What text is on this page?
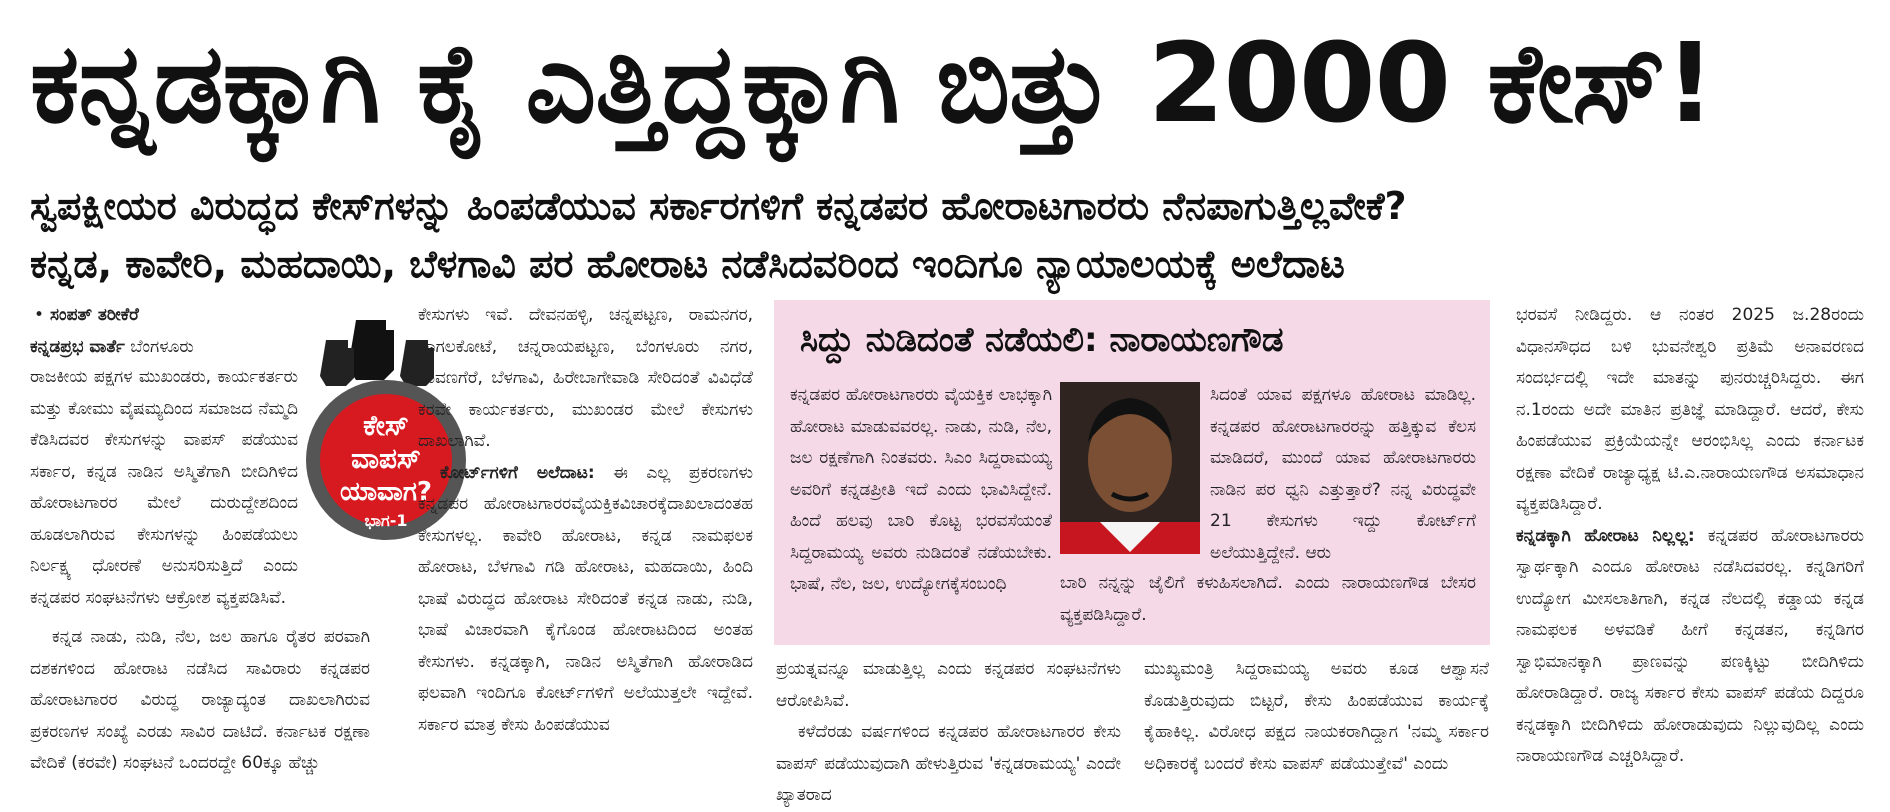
ಕನ್ನಡಕ್ಕಾಗಿ ಕೈ ಎತ್ತಿದ್ದಕ್ಕಾಗಿ ಬಿತ್ತು 2000 ಕೇಸ್!
ಸ್ವಪಕ್ಷೀಯರ ವಿರುದ್ಧದ ಕೇಸ್‌ಗಳನ್ನು ಹಿಂಪಡೆಯುವ ಸರ್ಕಾರಗಳಿಗೆ ಕನ್ನಡಪರ ಹೋರಾಟಗಾರರು ನೆನಪಾಗುತ್ತಿಲ್ಲವೇಕೆ?
ಕನ್ನಡ, ಕಾವೇರಿ, ಮಹದಾಯಿ, ಬೆಳಗಾವಿ ಪರ ಹೋರಾಟ ನಡೆಸಿದವರಿಂದ ಇಂದಿಗೂ ನ್ಯಾಯಾಲಯಕ್ಕೆ ಅಲೆದಾಟ

• ಸಂಪತ್ ತರೀಕೆರೆ

ಕನ್ನಡಪ್ರಭ ವಾರ್ತೆ ಬೆಂಗಳೂರು

ರಾಜಕೀಯ ಪಕ್ಷಗಳ ಮುಖಂಡರು, ಕಾರ್ಯಕರ್ತರು ಮತ್ತು ಕೋಮು ವೈಷಮ್ಯದಿಂದ ಸಮಾಜದ ನೆಮ್ಮದಿ ಕೆಡಿಸಿದವರ ಕೇಸುಗಳನ್ನು ವಾಪಸ್ ಪಡೆಯುವ ಸರ್ಕಾರ, ಕನ್ನಡ ನಾಡಿನ ಅಸ್ಮಿತೆಗಾಗಿ ಬೀದಿಗಿಳಿದ ಹೋರಾಟಗಾರರ ಮೇಲೆ ದುರುದ್ದೇಶದಿಂದ ಹೂಡಲಾಗಿರುವ ಕೇಸುಗಳನ್ನು ಹಿಂಪಡೆಯಲು ನಿರ್ಲಕ್ಷ್ಯ ಧೋರಣೆ ಅನುಸರಿಸುತ್ತಿದೆ ಎಂದು ಕನ್ನಡಪರ ಸಂಘಟನೆಗಳು ಆಕ್ರೋಶ ವ್ಯಕ್ತಪಡಿಸಿವೆ.

ಕನ್ನಡ ನಾಡು, ನುಡಿ, ನೆಲ, ಜಲ ಹಾಗೂ ರೈತರ ಪರವಾಗಿ ದಶಕಗಳಿಂದ ಹೋರಾಟ ನಡೆಸಿದ ಸಾವಿರಾರು ಕನ್ನಡಪರ ಹೋರಾಟಗಾರರ ವಿರುದ್ಧ ರಾಜ್ಯಾದ್ಯಂತ ದಾಖಲಾಗಿರುವ ಪ್ರಕರಣಗಳ ಸಂಖ್ಯೆ ಎರಡು ಸಾವಿರ ದಾಟಿದೆ. ಕರ್ನಾಟಕ ರಕ್ಷಣಾ ವೇದಿಕೆ (ಕರವೇ) ಸಂಘಟನೆ ಒಂದರದ್ದೇ 60ಕ್ಕೂ ಹೆಚ್ಚು

ಕೇಸ್
ವಾಪಸ್
ಯಾವಾಗ?
ಭಾಗ-1

ಕೇಸುಗಳು ಇವೆ. ದೇವನಹಳ್ಳಿ, ಚನ್ನಪಟ್ಟಣ, ರಾಮನಗರ, ಬಾಗಲಕೋಟೆ, ಚನ್ನರಾಯಪಟ್ಟಣ, ಬೆಂಗಳೂರು ನಗರ, ದಾವಣಗೆರೆ, ಬೆಳಗಾವಿ, ಹಿರೇಬಾಗೇವಾಡಿ ಸೇರಿದಂತೆ ವಿವಿಧೆಡೆ ಕರವೇ ಕಾರ್ಯಕರ್ತರು, ಮುಖಂಡರ ಮೇಲೆ ಕೇಸುಗಳು ದಾಖಲಾಗಿವೆ.

ಕೋರ್ಟ್‌ಗಳಿಗೆ ಅಲೆದಾಟ: ಈ ಎಲ್ಲ ಪ್ರಕರಣಗಳು ಕನ್ನಡಪರ ಹೋರಾಟಗಾರರವೈಯಕ್ತಿಕವಿಚಾರಕ್ಕೆದಾಖಲಾದಂತಹ ಕೇಸುಗಳಲ್ಲ. ಕಾವೇರಿ ಹೋರಾಟ, ಕನ್ನಡ ನಾಮಫಲಕ ಹೋರಾಟ, ಬೆಳಗಾವಿ ಗಡಿ ಹೋರಾಟ, ಮಹದಾಯಿ, ಹಿಂದಿ ಭಾಷೆ ವಿರುದ್ಧದ ಹೋರಾಟ ಸೇರಿದಂತೆ ಕನ್ನಡ ನಾಡು, ನುಡಿ, ಭಾಷೆ ವಿಚಾರವಾಗಿ ಕೈಗೊಂಡ ಹೋರಾಟದಿಂದ ಅಂತಹ ಕೇಸುಗಳು. ಕನ್ನಡಕ್ಕಾಗಿ, ನಾಡಿನ ಅಸ್ಮಿತೆಗಾಗಿ ಹೋರಾಡಿದ ಫಲವಾಗಿ ಇಂದಿಗೂ ಕೋರ್ಟ್‌ಗಳಿಗೆ ಅಲೆಯುತ್ತಲೇ ಇದ್ದೇವೆ. ಸರ್ಕಾರ ಮಾತ್ರ ಕೇಸು ಹಿಂಪಡೆಯುವ

ಸಿದ್ದು ನುಡಿದಂತೆ ನಡೆಯಲಿ: ನಾರಾಯಣಗೌಡ

ಕನ್ನಡಪರ ಹೋರಾಟಗಾರರು ವೈಯಕ್ತಿಕ ಲಾಭಕ್ಕಾಗಿ ಹೋರಾಟ ಮಾಡುವವರಲ್ಲ. ನಾಡು, ನುಡಿ, ನೆಲ, ಜಲ ರಕ್ಷಣೆಗಾಗಿ ನಿಂತವರು. ಸಿಎಂ ಸಿದ್ದರಾಮಯ್ಯ ಅವರಿಗೆ ಕನ್ನಡಪ್ರೀತಿ ಇದೆ ಎಂದು ಭಾವಿಸಿದ್ದೇನೆ. ಹಿಂದೆ ಹಲವು ಬಾರಿ ಕೊಟ್ಟ ಭರವಸೆಯಂತೆ ಸಿದ್ದರಾಮಯ್ಯ ಅವರು ನುಡಿದಂತೆ ನಡೆಯಬೇಕು. ಭಾಷೆ, ನೆಲ, ಜಲ, ಉದ್ಯೋಗಕ್ಕೆಸಂಬಂಧಿ

ಸಿದಂತೆ ಯಾವ ಪಕ್ಷಗಳೂ ಹೋರಾಟ ಮಾಡಿಲ್ಲ. ಕನ್ನಡಪರ ಹೋರಾಟಗಾರರನ್ನು ಹತ್ತಿಕ್ಕುವ ಕೆಲಸ ಮಾಡಿದರೆ, ಮುಂದೆ ಯಾವ ಹೋರಾಟಗಾರರು ನಾಡಿನ ಪರ ಧ್ವನಿ ಎತ್ತುತ್ತಾರೆ? ನನ್ನ ವಿರುದ್ಧವೇ 21 ಕೇಸುಗಳು ಇದ್ದು ಕೋರ್ಟ್‌ಗೆ ಅಲೆಯುತ್ತಿದ್ದೇನೆ. ಆರು

ಬಾರಿ ನನ್ನನ್ನು ಜೈಲಿಗೆ ಕಳುಹಿಸಲಾಗಿದೆ. ಎಂದು ನಾರಾಯಣಗೌಡ ಬೇಸರ ವ್ಯಕ್ತಪಡಿಸಿದ್ದಾರೆ.

ಪ್ರಯತ್ನವನ್ನೂ ಮಾಡುತ್ತಿಲ್ಲ ಎಂದು ಕನ್ನಡಪರ ಸಂಘಟನೆಗಳು ಆರೋಪಿಸಿವೆ.

ಕಳೆದೆರಡು ವರ್ಷಗಳಿಂದ ಕನ್ನಡಪರ ಹೋರಾಟಗಾರರ ಕೇಸು ವಾಪಸ್ ಪಡೆಯುವುದಾಗಿ ಹೇಳುತ್ತಿರುವ 'ಕನ್ನಡರಾಮಯ್ಯ' ಎಂದೇ ಖ್ಯಾತರಾದ

ಮುಖ್ಯಮಂತ್ರಿ ಸಿದ್ದರಾಮಯ್ಯ ಅವರು ಕೂಡ ಆಶ್ವಾಸನೆ ಕೊಡುತ್ತಿರುವುದು ಬಿಟ್ಟರೆ, ಕೇಸು ಹಿಂಪಡೆಯುವ ಕಾರ್ಯಕ್ಕೆ ಕೈಹಾಕಿಲ್ಲ. ವಿರೋಧ ಪಕ್ಷದ ನಾಯಕರಾಗಿದ್ದಾಗ 'ನಮ್ಮ ಸರ್ಕಾರ ಅಧಿಕಾರಕ್ಕೆ ಬಂದರೆ ಕೇಸು ವಾಪಸ್ ಪಡೆಯುತ್ತೇವೆ' ಎಂದು

ಭರವಸೆ ನೀಡಿದ್ದರು. ಆ ನಂತರ 2025 ಜ.28ರಂದು ವಿಧಾನಸೌಧದ ಬಳಿ ಭುವನೇಶ್ವರಿ ಪ್ರತಿಮೆ ಅನಾವರಣದ ಸಂದರ್ಭದಲ್ಲಿ ಇದೇ ಮಾತನ್ನು ಪುನರುಚ್ಚರಿಸಿದ್ದರು. ಈಗ ನ.1ರಂದು ಅದೇ ಮಾತಿನ ಪ್ರತಿಜ್ಞೆ ಮಾಡಿದ್ದಾರೆ. ಆದರೆ, ಕೇಸು ಹಿಂಪಡೆಯುವ ಪ್ರಕ್ರಿಯೆಯನ್ನೇ ಆರಂಭಿಸಿಲ್ಲ ಎಂದು ಕರ್ನಾಟಕ ರಕ್ಷಣಾ ವೇದಿಕೆ ರಾಜ್ಯಾಧ್ಯಕ್ಷ ಟಿ.ಎ.ನಾರಾಯಣಗೌಡ ಅಸಮಾಧಾನ ವ್ಯಕ್ತಪಡಿಸಿದ್ದಾರೆ.

ಕನ್ನಡಕ್ಕಾಗಿ ಹೋರಾಟ ನಿಲ್ಲಲ್ಲ: ಕನ್ನಡಪರ ಹೋರಾಟಗಾರರು ಸ್ವಾರ್ಥಕ್ಕಾಗಿ ಎಂದೂ ಹೋರಾಟ ನಡೆಸಿದವರಲ್ಲ. ಕನ್ನಡಿಗರಿಗೆ ಉದ್ಯೋಗ ಮೀಸಲಾತಿಗಾಗಿ, ಕನ್ನಡ ನೆಲದಲ್ಲಿ ಕಡ್ಡಾಯ ಕನ್ನಡ ನಾಮಫಲಕ ಅಳವಡಿಕೆ ಹೀಗೆ ಕನ್ನಡತನ, ಕನ್ನಡಿಗರ ಸ್ವಾಭಿಮಾನಕ್ಕಾಗಿ ಪ್ರಾಣವನ್ನು ಪಣಕ್ಕಿಟ್ಟು ಬೀದಿಗಿಳಿದು ಹೋರಾಡಿದ್ದಾರೆ. ರಾಜ್ಯ ಸರ್ಕಾರ ಕೇಸು ವಾಪಸ್ ಪಡೆಯ ದಿದ್ದರೂ ಕನ್ನಡಕ್ಕಾಗಿ ಬೀದಿಗಿಳಿದು ಹೋರಾಡುವುದು ನಿಲ್ಲುವುದಿಲ್ಲ ಎಂದು ನಾರಾಯಣಗೌಡ ಎಚ್ಚರಿಸಿದ್ದಾರೆ.
